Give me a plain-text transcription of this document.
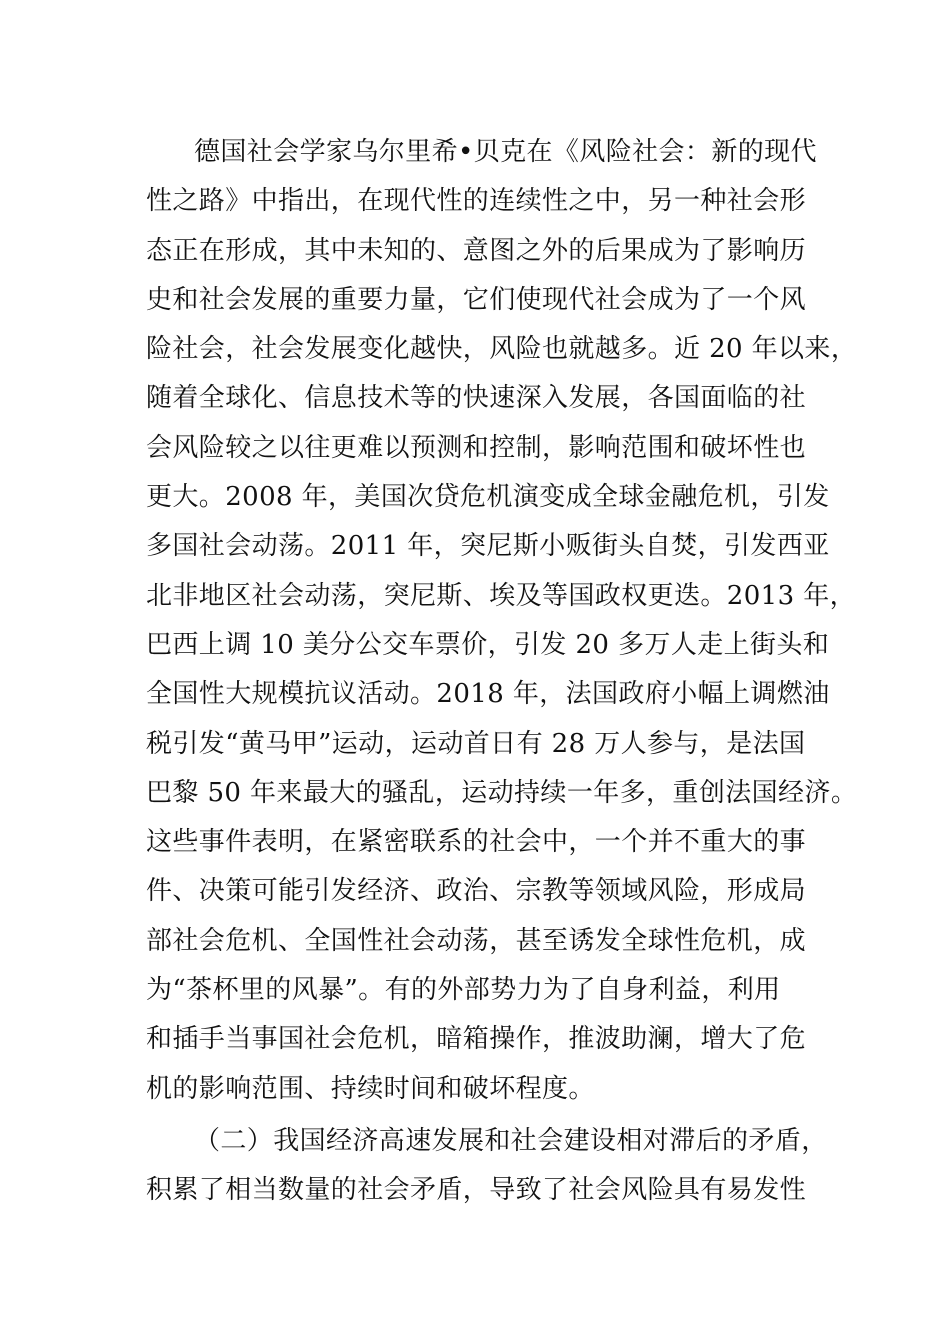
德国社会学家乌尔里希•贝克在《风险社会：新的现代
性之路》中指出，在现代性的连续性之中，另一种社会形
态正在形成，其中未知的、意图之外的后果成为了影响历
史和社会发展的重要力量，它们使现代社会成为了一个风
险社会，社会发展变化越快，风险也就越多。近 20 年以来，
随着全球化、信息技术等的快速深入发展，各国面临的社
会风险较之以往更难以预测和控制，影响范围和破坏性也
更大。2008 年，美国次贷危机演变成全球金融危机，引发
多国社会动荡。2011 年，突尼斯小贩街头自焚，引发西亚
北非地区社会动荡，突尼斯、埃及等国政权更迭。2013 年，
巴西上调 10 美分公交车票价，引发 20 多万人走上街头和
全国性大规模抗议活动。2018 年，法国政府小幅上调燃油
税引发“黄马甲”运动，运动首日有 28 万人参与，是法国
巴黎 50 年来最大的骚乱，运动持续一年多，重创法国经济。
这些事件表明，在紧密联系的社会中，一个并不重大的事
件、决策可能引发经济、政治、宗教等领域风险，形成局
部社会危机、全国性社会动荡，甚至诱发全球性危机，成
为“茶杯里的风暴”。有的外部势力为了自身利益，利用
和插手当事国社会危机，暗箱操作，推波助澜，增大了危
机的影响范围、持续时间和破坏程度。
（二）我国经济高速发展和社会建设相对滞后的矛盾，
积累了相当数量的社会矛盾，导致了社会风险具有易发性
